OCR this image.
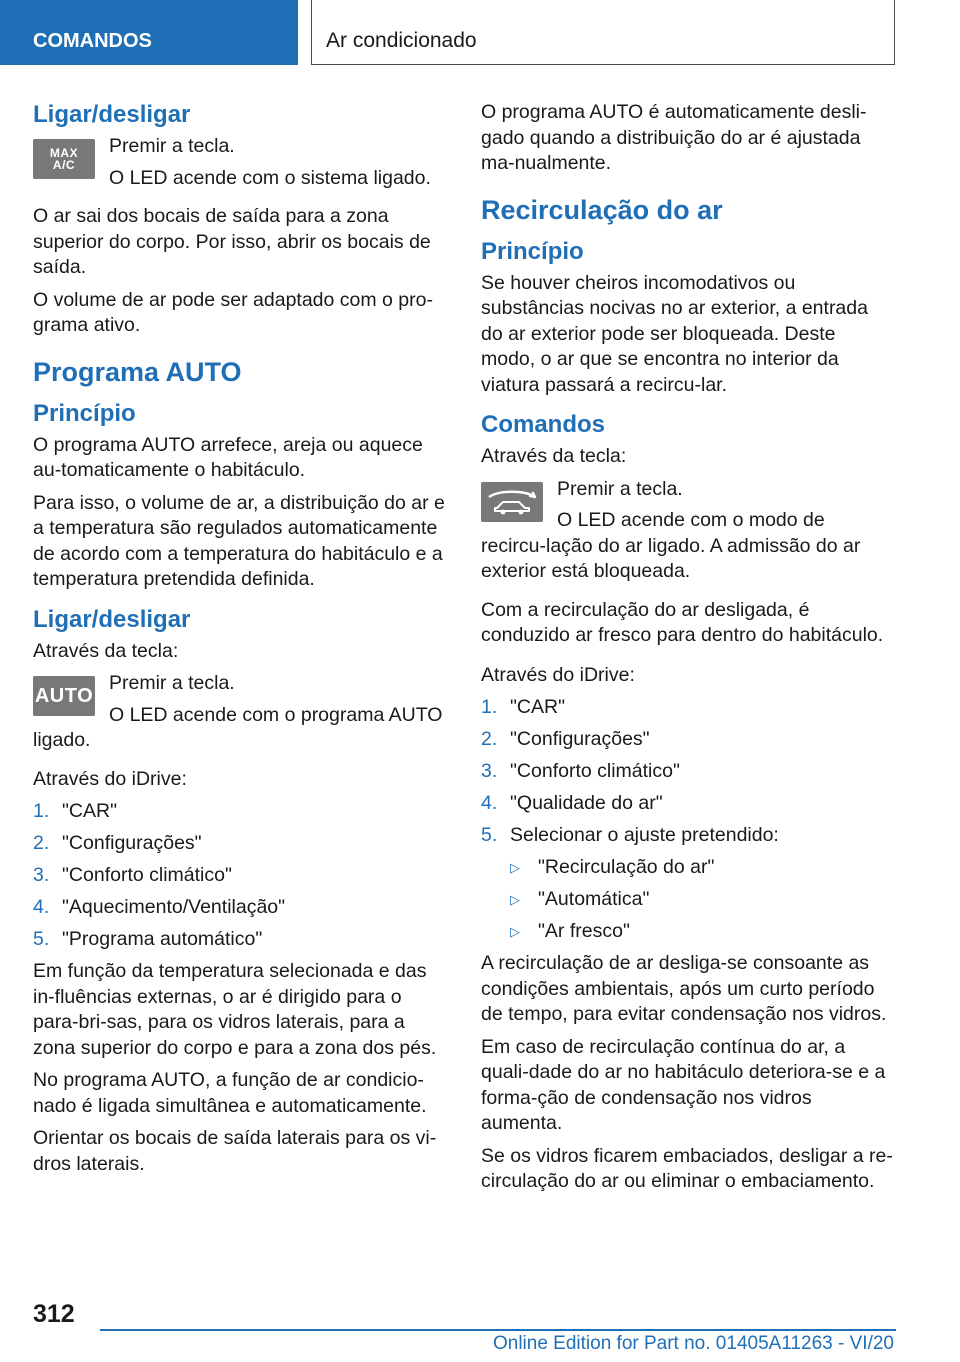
COMANDOS	Ar condicionado
Ligar/desligar
MAX
A/C

Premir a tecla.

O LED acende com o sistema ligado.

O ar sai dos bocais de saída para a zona superior do corpo. Por isso, abrir os bocais de saída.

O volume de ar pode ser adaptado com o pro-grama ativo.

Programa AUTO
Princípio

O programa AUTO arrefece, areja ou aquece au-tomaticamente o habitáculo.

Para isso, o volume de ar, a distribuição do ar e a temperatura são regulados automaticamente de acordo com a temperatura do habitáculo e a temperatura pretendida definida.

Ligar/desligar

Através da tecla:

AUTO

Premir a tecla.

O LED acende com o programa AUTO ligado.

Através do iDrive:

1. "CAR"
2. "Configurações"
3. "Conforto climático"
4. "Aquecimento/Ventilação"
5. "Programa automático"

Em função da temperatura selecionada e das in-fluências externas, o ar é dirigido para o para-bri-sas, para os vidros laterais, para a zona superior do corpo e para a zona dos pés.

No programa AUTO, a função de ar condicio-nado é ligada simultânea e automaticamente.

Orientar os bocais de saída laterais para os vi-dros laterais.

O programa AUTO é automaticamente desli-gado quando a distribuição do ar é ajustada ma-nualmente.

Recirculação do ar
Princípio

Se houver cheiros incomodativos ou substâncias nocivas no ar exterior, a entrada do ar exterior pode ser bloqueada. Deste modo, o ar que se encontra no interior da viatura passará a recircu-lar.

Comandos

Através da tecla:

Premir a tecla.

O LED acende com o modo de recircu-lação do ar ligado. A admissão do ar exterior está bloqueada.

Com a recirculação do ar desligada, é conduzido ar fresco para dentro do habitáculo.

Através do iDrive:

1. "CAR"
2. "Configurações"
3. "Conforto climático"
4. "Qualidade do ar"
5. Selecionar o ajuste pretendido:
▷ "Recirculação do ar"
▷ "Automática"
▷ "Ar fresco"

A recirculação de ar desliga-se consoante as condições ambientais, após um curto período de tempo, para evitar condensação nos vidros.

Em caso de recirculação contínua do ar, a quali-dade do ar no habitáculo deteriora-se e a forma-ção de condensação nos vidros aumenta.

Se os vidros ficarem embaciados, desligar a re-circulação do ar ou eliminar o embaciamento.

312
Online Edition for Part no. 01405A11263 - VI/20
